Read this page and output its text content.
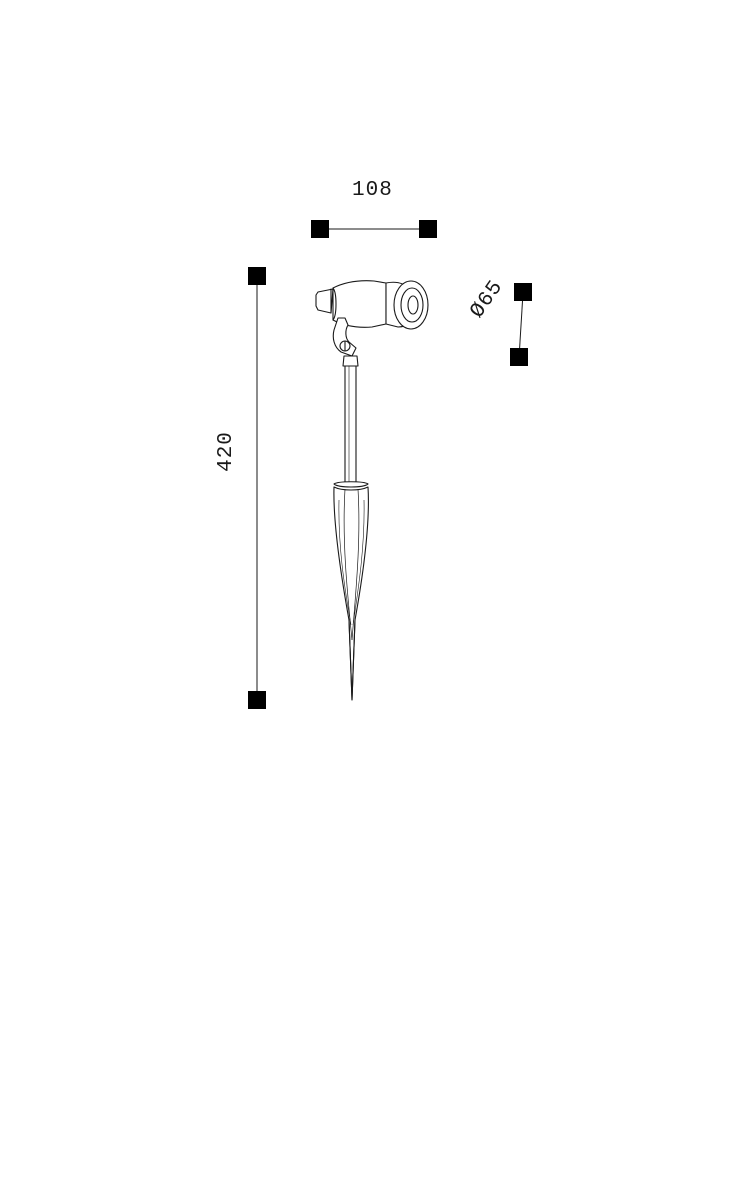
108
420
Ø65
